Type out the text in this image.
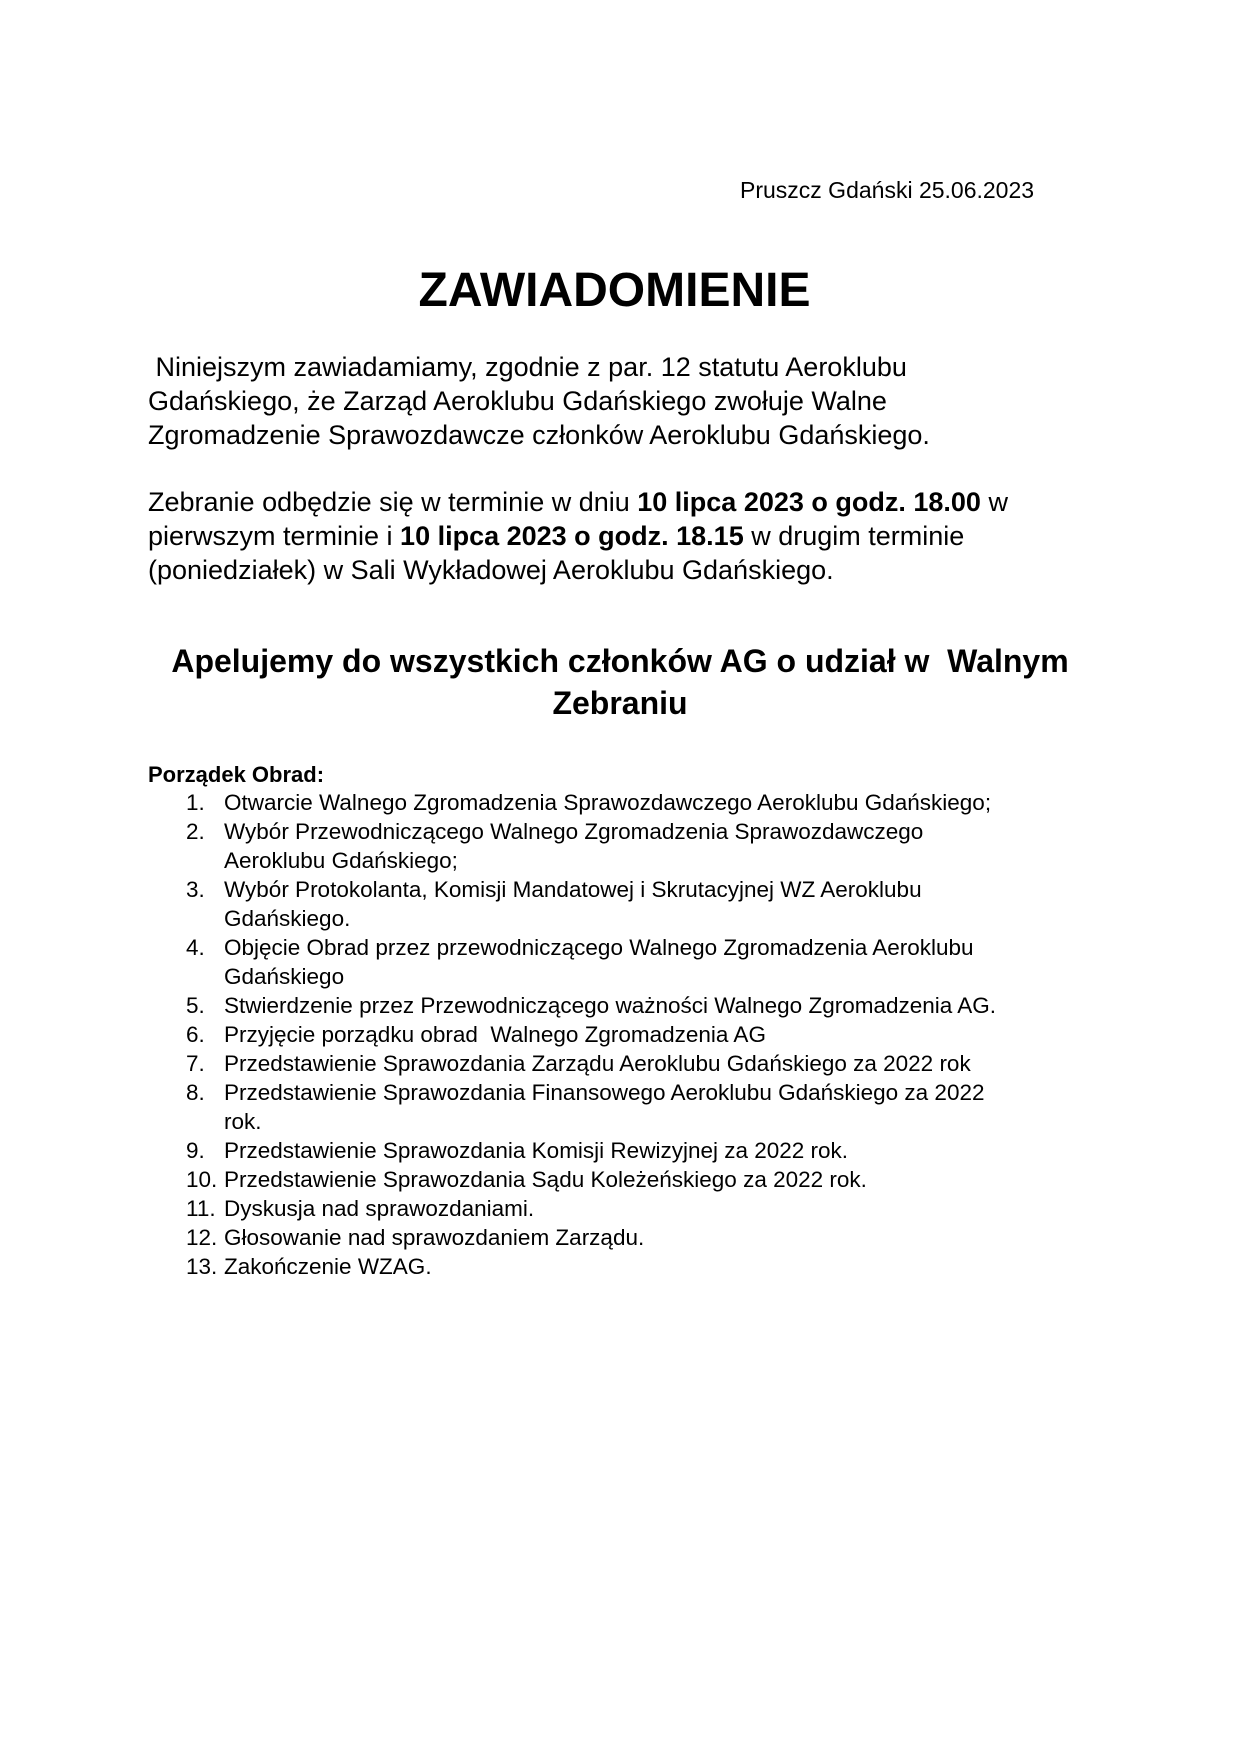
Pruszcz Gdański 25.06.2023
ZAWIADOMIENIE

Niniejszym zawiadamiamy, zgodnie z par. 12 statutu Aeroklubu
Gdańskiego, że Zarząd Aeroklubu Gdańskiego zwołuje Walne
Zgromadzenie Sprawozdawcze członków Aeroklubu Gdańskiego.

Zebranie odbędzie się w terminie w dniu 10 lipca 2023 o godz. 18.00 w
pierwszym terminie i 10 lipca 2023 o godz. 18.15 w drugim terminie
(poniedziałek) w Sali Wykładowej Aeroklubu Gdańskiego.

Apelujemy do wszystkich członków AG o udział w  Walnym
Zebraniu
Porządek Obrad:
1. Otwarcie Walnego Zgromadzenia Sprawozdawczego Aeroklubu Gdańskiego;
2. Wybór Przewodniczącego Walnego Zgromadzenia Sprawozdawczego
Aeroklubu Gdańskiego;
3. Wybór Protokolanta, Komisji Mandatowej i Skrutacyjnej WZ Aeroklubu
Gdańskiego.
4. Objęcie Obrad przez przewodniczącego Walnego Zgromadzenia Aeroklubu
Gdańskiego
5. Stwierdzenie przez Przewodniczącego ważności Walnego Zgromadzenia AG.
6. Przyjęcie porządku obrad  Walnego Zgromadzenia AG
7. Przedstawienie Sprawozdania Zarządu Aeroklubu Gdańskiego za 2022 rok
8. Przedstawienie Sprawozdania Finansowego Aeroklubu Gdańskiego za 2022
rok.
9. Przedstawienie Sprawozdania Komisji Rewizyjnej za 2022 rok.
10. Przedstawienie Sprawozdania Sądu Koleżeńskiego za 2022 rok.
11. Dyskusja nad sprawozdaniami.
12. Głosowanie nad sprawozdaniem Zarządu.
13. Zakończenie WZAG.
